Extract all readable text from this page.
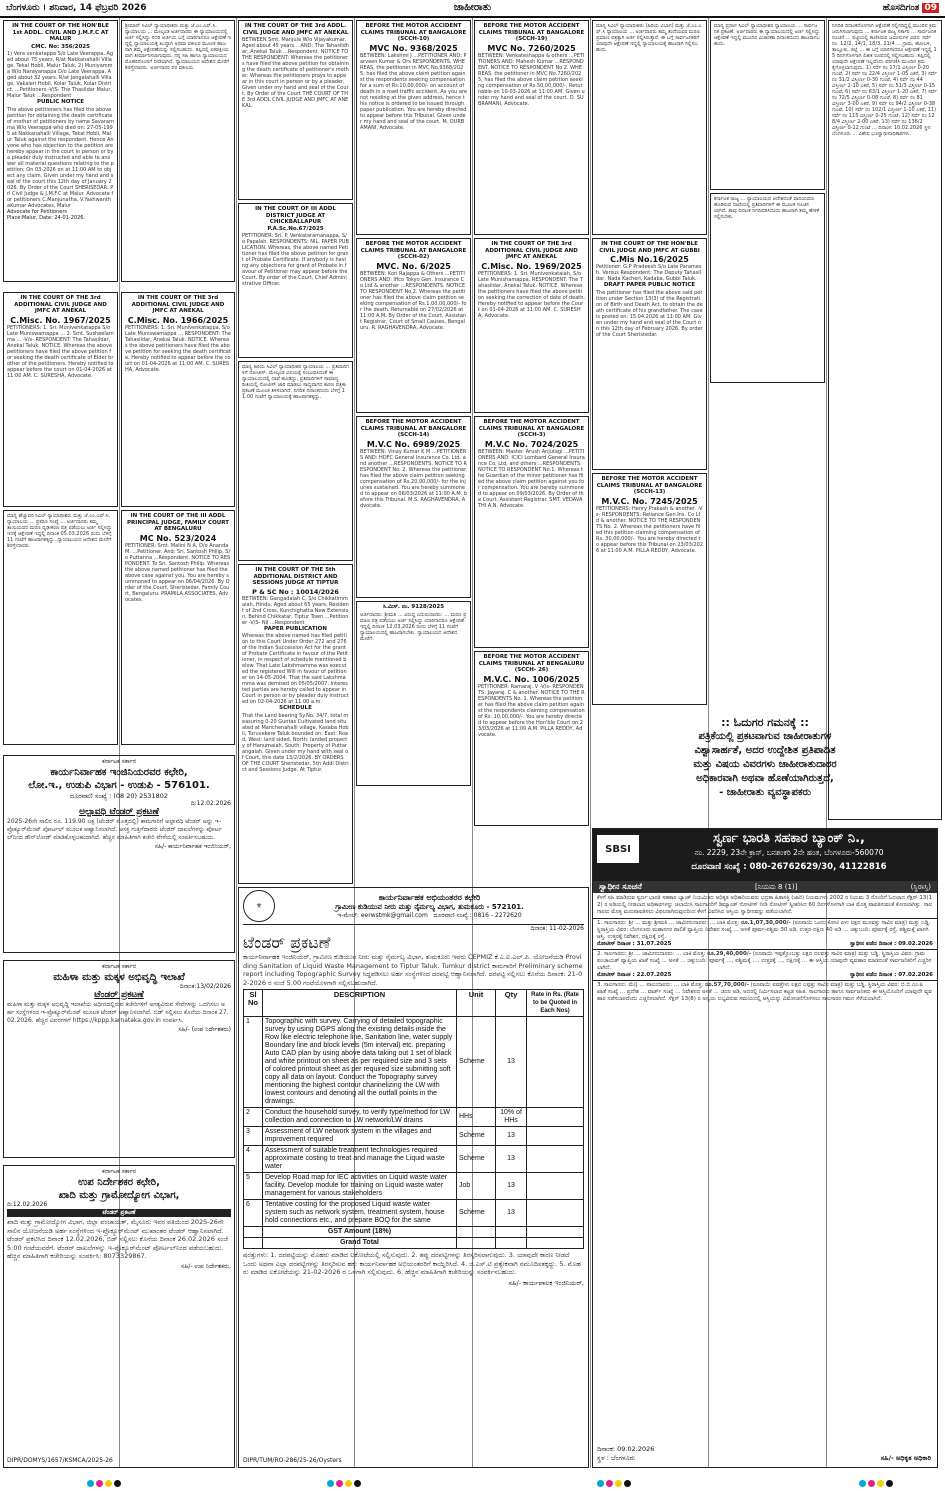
ಬೆಂಗಳೂರು । ಶನಿವಾರ, 14 ಫೆಬ್ರವರಿ 2026	ಜಾಹೀರಾತು	ಹೊಸದಿಗಂತ 09
IN THE COURT OF THE HON'BLE 1st ADDL. CIVIL AND J.M.F.C AT MALUR
CMC. No: 356/2025
1) Vera venkatappa S/o Late Veerappa, Aged about 75 years, R/at Nakkanahalli Village, Tekal Hobli, Malur Taluk, 2) Muniyamma W/o Narayanappa D/o Late Veerappa, Aged about 32 years. R/at Jangalahalli Village, Vakaleri Hobli, Kolar Taluk, Kolar District. ...Petitioners -V/S- The Thasildar Malur, Malur Taluk ...Respondent
PUBLIC NOTICE
The above petitioners has filed the above petition for obtaining the death certificate of mother of petitioners by name Savaramma W/o Veerappa who died on: 27-05-1995 at Nakkanahalli Village, Tekal Hobli, Malur Taluk against the respondent. Hence Anyone who has objection to the petition are hereby appear in the court in person or by a pleader duly instructed and able to answer all material questions relating to the petition: On 03-2026 on at 11:00 AM to object any claim. Given under my hand and seal of the court this 12th day of January 2026. By Order of the Court SHERISEDAR, Prl Civil Judge & J.M.F.C at Malur. Advocate for petitioners C.Manjunatha, V.YashwanthaKumar Advocates, Malur
Advocate for Petitioners
Place:Malur, Date: 24-01-2026.
ಶ್ರೀಮಾನ್ ಸಿವಿಲ್ ನ್ಯಾಯಾಧೀಶರು ಮತ್ತು ಜೆ.ಎಂ.ಎಫ್.ಸಿ. ನ್ಯಾಯಾಲಯ ... ಮೇಲ್ಕಂಡ ಅರ್ಜಿದಾರರು ಈ ನ್ಯಾಯಾಲಯದಲ್ಲಿ ಅರ್ಜಿ ಸಲ್ಲಿಸಿದ್ದು ಸದರಿ ಅರ್ಜಿಯ ಬಗ್ಗೆ ಯಾರಿಗಾದರೂ ಆಕ್ಷೇಪಣೆ ಇದ್ದಲ್ಲಿ ನ್ಯಾಯಾಲಯಕ್ಕೆ ಖುದ್ದಾಗಿ ಅಥವಾ ವಕೀಲರ ಮೂಲಕ ಹಾಜರಾಗಿ ತಮ್ಮ ಆಕ್ಷೇಪಣೆಯನ್ನು ಸಲ್ಲಿಸಬಹುದು. ತಪ್ಪಿದಲ್ಲಿ ಏಕಪಕ್ಷೀಯವಾಗಿ ತೀರ್ಮಾನಿಸಲಾಗುವುದು. ನನ್ನ ಸಹಿ ಹಾಗೂ ನ್ಯಾಯಾಲಯದ ಮೊಹರಿನೊಂದಿಗೆ ನೀಡಲಾಗಿದೆ. ನ್ಯಾಯಾಲಯದ ಆದೇಶದ ಮೇರೆಗೆ ಶಿರಸ್ತೇದಾರರು. ಅರ್ಜಿದಾರರ ಪರ ವಕೀಲರು.
IN THE COURT OF THE 3rd ADDL. CIVIL JUDGE AND JMFC AT ANEKAL
BETWEEN Smt. Manjula W/o Vijayakumar, Aged about 45 years... AND: The Tahasildhar, Anekal Taluk ...Respondent. NOTICE TO THE RESPONDENT: Whereas the petitioners have filed the above petition for obtaining the death certificate of petitioner's mother. Whereas the petitioners prays to appear in this court in person or by a pleader. Given under my hand and seal of the Court. By Order of the Court THE COURT OF THE 3rd ADDL CIVIL JUDGE AND JMFC AT ANEKAL.
IN THE COURT OF III ADDL DISTRICT JUDGE AT CHICKBALLAPUR P.A.Sc.No.67/2025
PETITIONER: Sri. P. Venkataramanappa, S/o Papaiah. RESPONDENTS: NIL. PAPER PUBLICATION. Whereas, the above named Petitioner has filed the above petition for grant of Probate Certificate. If anybody is having any objections for grant of Probate in favour of Petitioner may appear before the Court. By order of the Court, Chief Administrative Officer.
ಮಾನ್ಯ ಹಿರಿಯ ಸಿವಿಲ್ ನ್ಯಾಯಾಧೀಶರ ನ್ಯಾಯಾಲಯ ... ಪ್ರತಿವಾದಿಗಳಿಗೆ ನೋಟೀಸ್. ಮೇಲ್ಕಂಡ ವಿಷಯಕ್ಕೆ ಸಂಬಂಧಿಸಿದಂತೆ ಈ ನ್ಯಾಯಾಲಯದಲ್ಲಿ ದಾವೆ ಹೂಡಿದ್ದು, ಪ್ರತಿವಾದಿಗಳಿಗೆ ಸಾಮಾನ್ಯ ರೀತಿಯಲ್ಲಿ ನೋಟೀಸ್ ಜಾರಿ ಮಾಡಲು ಸಾಧ್ಯವಾಗದ ಕಾರಣ ಪತ್ರಿಕಾ ಪ್ರಕಟಣೆ ಮೂಲಕ ತಿಳಿಸಲಾಗಿದೆ. ನಿಗದಿತ ದಿನಾಂಕದಂದು ಬೆಳಿಗ್ಗೆ 11:00 ಗಂಟೆಗೆ ನ್ಯಾಯಾಲಯಕ್ಕೆ ಹಾಜರಾಗತಕ್ಕದ್ದು.
BEFORE THE MOTOR ACCIDENT CLAIMS TRIBUNAL AT BANGALORE (SCCH-10)
MVC No. 9368/2025
BETWEEN: Lakshmi J ...PETITIONER AND: Parveen Kumar & Ors RESPONDENTS. WHEREAS, the petitioner in MVC No.9368/2025, has filed the above claim petition against the respondents seeking compensation for a sum of Rs.10,00,000/- on account of death in a road traffic accident. As you are not residing at the given address, hence this notice is ordered to be issued through paper publication. You are hereby directed to appear before this Tribunal. Given under my hand and seal of the court. M. DURBAMANI, Advocate.
BEFORE THE MOTOR ACCIDENT CLAIMS TRIBUNAL AT BANGALORE (SCCH-02)
MVC. No. 6/2025
BETWEEN: Kori Rajappa & Others ...PETITIONERS AND: Iffco Tokyo Gen. Insurance Co Ltd & another ...RESPONDENTS. NOTICE TO RESPONDENT No.2. Whereas the petitioner has filed the above claim petition seeking compensation of Rs.1,00,00,000/- for the death. Returnable on 27/02/2026 at 11:00 A.M. By Order of the Court, Assistant Registrar, Court of Small Causes, Bengaluru. R. RAGHAVENDRA, Advocate.
BEFORE THE MOTOR ACCIDENT CLAIMS TRIBUNAL AT BANGALORE (SCCH-14)
M.V.C No. 6989/2025
BETWEEN: Vinay Kumar K M ...PETITIONERS AND: HDFC General Insurance Co. Ltd. and another ...RESPONDENTS. NOTICE TO RESPONDENT No. 2. Whereas the petitioner has filed the above claim petition seeking compensation of Rs.20,00,000/- for the injuries sustained. You are hereby summoned to appear on 06/03/2026 at 11:00 A.M. before this Tribunal. M.S. RAGHAVENDRA, Advocate.
ಸಿ.ಮಿಸ್. ನಂ. 9128/2025
ಅರ್ಜಿದಾರರು: ಶ್ರೀಮತಿ ... ವಿರುದ್ಧ ಎದುರುದಾರರು: ... ಮರಣ ಪ್ರಮಾಣ ಪತ್ರ ಪಡೆಯಲು ಅರ್ಜಿ ಸಲ್ಲಿಸಿದ್ದು ಯಾರಿಗಾದರೂ ಆಕ್ಷೇಪಣೆ ಇದ್ದಲ್ಲಿ ದಿನಾಂಕ 12.03.2026 ರಂದು ಬೆಳಿಗ್ಗೆ 11 ಗಂಟೆಗೆ ನ್ಯಾಯಾಲಯದಲ್ಲಿ ಹಾಜರಾಗಬೇಕು. ನ್ಯಾಯಾಲಯದ ಆದೇಶದ ಮೇರೆಗೆ.
BEFORE THE MOTOR ACCIDENT CLAIMS TRIBUNAL AT BANGALORE (SCCH-19)
MVC No. 7260/2025
BETWEEN: Venkateshappa & others ...PETITIONERS AND: Mahesh Kumar ...RESPONDENT. NOTICE TO RESPONDENT No.2. WHEREAS, the petitioner in MVC No.7260/2025, has filed the above claim petition seeking compensation of Rs.50,00,000/-. Returnable on 10-03-2026 at 11:00 AM. Given under my hand and seal of the court. D. SUBRAMANI, Advocate.
IN THE COURT OF THE 3rd ADDITIONAL CIVIL JUDGE AND JMFC AT ANEKAL
C.Misc. No. 1969/2025
PETITIONERS: 1. Sri. Munivenkataiah, S/o Late Munishamappa. RESPONDENT: The Tahasildar, Anekal Taluk. NOTICE. Whereas the petitioners have filed the above petition seeking the correction of date of death. Hereby notified to appear before the Court on 01-04-2026 at 11:00 AM. C. SURESHA, Advocate.
BEFORE THE MOTOR ACCIDENT CLAIMS TRIBUNAL AT BANGALORE (SCCH-3)
M.V.C No. 7024/2025
BETWEEN: Master. Arush Anjutagi ...PETITIONERS AND: ICICI Lombard General Insurance Co. Ltd, and others ...RESPONDENTS. NOTICE TO RESPONDENT No.1. Whereas the Guardian of the minor petitioner has filed the above claim petition against you for compensation. You are hereby summoned to appear on 09/03/2026. By Order of the Court, Assistant Registrar. SMT. VEDAVATHI A.N, Advocate.
BEFORE THE MOTOR ACCIDENT CLAIMS TRIBUNAL AT BENGALURU (SCCH- 26)
M.V.C. No. 1006/2025
PETITIONER: Ramaraj. V -V/s- RESPONDENTS: Jayaraj. C & another. NOTICE TO THE RESPONDENTS No. 1. Whereas the petitioner has filed the above claim petition against the respondents claiming compensation of Rs. 10,00,000/-. You are hereby directed to appear before the Hon'ble Court on 23/03/2026 at 11:00 A.M. PILLA REDDY, Advocate.
ಮಾನ್ಯ ಸಿವಿಲ್ ನ್ಯಾಯಾಧೀಶರು (ಹಿರಿಯ ವಿಭಾಗ) ಮತ್ತು ಜೆ.ಎಂ.ಎಫ್.ಸಿ ನ್ಯಾಯಾಲಯ ... ಅರ್ಜಿದಾರರು ತಮ್ಮ ತಂದೆಯವರ ಮರಣ ಪ್ರಮಾಣ ಪತ್ರಕ್ಕಾಗಿ ಅರ್ಜಿ ಸಲ್ಲಿಸಿರುತ್ತಾರೆ. ಈ ಬಗ್ಗೆ ಸಾರ್ವಜನಿಕರಿಗೆ ಯಾವುದೇ ಆಕ್ಷೇಪಣೆ ಇದ್ದಲ್ಲಿ ನ್ಯಾಯಾಲಯಕ್ಕೆ ಹಾಜರಾಗಿ ಸಲ್ಲಿಸಬಹುದು.
IN THE COURT OF THE HON'BLE CIVIL JUDGE AND JMFC AT GUBBI
C.Mis No.16/2025
Petitioner: G.P Pradeesh S/o Late Paramesh. Versus Respondent: The Deputy Tahasildar, Nada Kacheri, Kadaba, Gubbi Taluk.
DRAFT PAPER PUBLIC NOTICE
The petitioner has filed the above said petition under Section 13(3) of the Registration of Birth and Death Act, to obtain the death certificate of his grandfather. The case is posted on: 15.04.2026 at 11:00 AM. Given under my hand and seal of the Court on this 12th day of February 2026. By order of the Court Sheristedar.
BEFORE THE MOTOR ACCIDENT CLAIMS TRIBUNAL AT BANGALORE (SCCH-13)
M.V.C. No. 7245/2025
PETITIONERS: Henry Prakash & another. -Vs- RESPONDENTS: Reliance Gen.Ins. Co Ltd & another. NOTICE TO THE RESPONDENTS No. 2. Whereas the petitioners have filed this petition claiming compensation of Rs. 30,00,000/-. You are hereby directed to appear before this Tribunal on 23/03/2026 at 11:00 A.M. PILLA REDDY, Advocate.
ಮಾನ್ಯ ಪ್ರಧಾನ ಸಿವಿಲ್ ನ್ಯಾಯಾಧೀಶರ ನ್ಯಾಯಾಲಯ ... ಸಾರ್ವಜನಿಕ ಪ್ರಕಟಣೆ. ಅರ್ಜಿದಾರರು ಈ ನ್ಯಾಯಾಲಯದಲ್ಲಿ ಅರ್ಜಿ ಸಲ್ಲಿಸಿದ್ದು ಆಕ್ಷೇಪಣೆ ಇದ್ದಲ್ಲಿ ಮುಂದಿನ ವಿಚಾರಣಾ ದಿನಾಂಕದಂದು ಹಾಜರಾಗಬಹುದು.
ಕರ್ನಾಟಕ ರಾಜ್ಯ ... ನ್ಯಾಯಾಲಯದ ಆದೇಶದಂತೆ ವಾದಿಯವರು ಹೂಡಿರುವ ದಾವೆಯಲ್ಲಿ ಪ್ರತಿವಾದಿಗಳಿಗೆ ಈ ಮೂಲಕ ಸೂಚಿಸಲಾಗಿದೆ. ತಾವು ದಿನಾಂಕ ನಿಗದಿಪಡಿಸಿದಂದು ಹಾಜರಾಗಿ ತಮ್ಮ ಹೇಳಿಕೆ ಸಲ್ಲಿಸಬೇಕು.
ನಿಗದಿತ ದಿನಾಂಕದೊಳಗಾಗಿ ಆಕ್ಷೇಪಣೆ ಸಲ್ಲಿಸದಿದ್ದಲ್ಲಿ ಮುಂದಿನ ಕ್ರಮ ಜರುಗಿಸಲಾಗುವುದು ... ಕರ್ನಾಟಕ ರಾಜ್ಯ ಸರ್ಕಾರ ... ಸಾರ್ವಜನಿಕ ಸೂಚನೆ ... ಪಟ್ಟಿಯಲ್ಲಿ ಕಾಣಿಸಿರುವ ಜಮೀನುಗಳ ವಿವರ: ಸರ್ವೆ ನಂ. 12/2, 14/1, 18/3, 21/4 ... ಗ್ರಾಮ, ಹೋಬಳಿ, ತಾಲ್ಲೂಕು, ಜಿಲ್ಲೆ ... ಈ ಬಗ್ಗೆ ಯಾರಿಗಾದರೂ ಆಕ್ಷೇಪಣೆ ಇದ್ದಲ್ಲಿ 15 ದಿನಗಳೊಳಗಾಗಿ ಲಿಖಿತ ರೂಪದಲ್ಲಿ ಸಲ್ಲಿಸಬಹುದು. ತಪ್ಪಿದಲ್ಲಿ ಯಾವುದೇ ಆಕ್ಷೇಪಣೆ ಇಲ್ಲವೆಂದು ಪರಿಗಣಿಸಿ ಮುಂದಿನ ಕ್ರಮ ಕೈಗೊಳ್ಳಲಾಗುವುದು. 1) ಸರ್ವೆ ನಂ 17/1 ವಿಸ್ತೀರ್ಣ 0-20 ಗುಂಟೆ, 2) ಸರ್ವೆ ನಂ 22/4 ವಿಸ್ತೀರ್ಣ 1-05 ಎಕರೆ, 3) ಸರ್ವೆ ನಂ 31/2 ವಿಸ್ತೀರ್ಣ 0-30 ಗುಂಟೆ, 4) ಸರ್ವೆ ನಂ 44 ವಿಸ್ತೀರ್ಣ 2-10 ಎಕರೆ, 5) ಸರ್ವೆ ನಂ 51/3 ವಿಸ್ತೀರ್ಣ 0-15 ಗುಂಟೆ, 6) ಸರ್ವೆ ನಂ 63/1 ವಿಸ್ತೀರ್ಣ 1-20 ಎಕರೆ, 7) ಸರ್ವೆ ನಂ 72/5 ವಿಸ್ತೀರ್ಣ 0-08 ಗುಂಟೆ, 8) ಸರ್ವೆ ನಂ 81 ವಿಸ್ತೀರ್ಣ 3-00 ಎಕರೆ, 9) ಸರ್ವೆ ನಂ 94/2 ವಿಸ್ತೀರ್ಣ 0-38 ಗುಂಟೆ, 10) ಸರ್ವೆ ನಂ 102/1 ವಿಸ್ತೀರ್ಣ 1-10 ಎಕರೆ, 11) ಸರ್ವೆ ನಂ 115 ವಿಸ್ತೀರ್ಣ 0-25 ಗುಂಟೆ, 12) ಸರ್ವೆ ನಂ 128/4 ವಿಸ್ತೀರ್ಣ 2-00 ಎಕರೆ, 13) ಸರ್ವೆ ನಂ 136/2 ವಿಸ್ತೀರ್ಣ 0-12 ಗುಂಟೆ ... ದಿನಾಂಕ: 10.02.2026 ಸ್ಥಳ: ಬೆಂಗಳೂರು ... ವಿಶೇಷ ಭೂಸ್ವಾಧೀನಾಧಿಕಾರಿಗಳು.
IN THE COURT OF THE 3rd ADDITIONAL CIVIL JUDGE AND JMFC AT ANEKAL
C.Misc. No. 1967/2025
PETITIONERS: 1. Sri. Munivenkatappa S/o Late Muniswamappa ... 2. Smt. Susheelamma ... -V/s- RESPONDENT: The Tahasildar, Anekal Taluk. NOTICE. Whereas the above petitioners have filed the above petition for seeking the death certificate of Elder brother of the petitioners. Hereby notified to appear before the court on 01-04-2026 at 11:00 AM. C. SURESHA, Advocate.
IN THE COURT OF THE 3rd ADDITIONAL CIVIL JUDGE AND JMFC AT ANEKAL
C.Misc. No. 1966/2025
PETITIONERS: 1. Sri. Munivenkatappa, S/o Late Muniswamappa ... RESPONDENT: The Tahasildar, Anekal Taluk. NOTICE. Whereas the above petitioners have filed the above petition for seeking the death certificate. Hereby notified to appear before the court on 01-04-2026 at 11:00 AM. C. SURESHA, Advocate.
ಮಾನ್ಯ ಹೆಚ್ಚುವರಿ ಸಿವಿಲ್ ನ್ಯಾಯಾಧೀಶರು ಮತ್ತು ಜೆ.ಎಂ.ಎಫ್.ಸಿ. ನ್ಯಾಯಾಲಯ ... ಪ್ರಕರಣ ಸಂಖ್ಯೆ ... ಅರ್ಜಿದಾರರು ತಮ್ಮ ತಾಯಿಯವರ ಮರಣ ದೃಢೀಕರಣ ಪತ್ರ ಪಡೆಯಲು ಅರ್ಜಿ ಸಲ್ಲಿಸಿದ್ದು ಇದಕ್ಕೆ ಆಕ್ಷೇಪಣೆ ಇದ್ದಲ್ಲಿ ದಿನಾಂಕ 05.03.2026 ರಂದು ಬೆಳಿಗ್ಗೆ 11 ಗಂಟೆಗೆ ಹಾಜರಾಗತಕ್ಕದ್ದು. ನ್ಯಾಯಾಲಯದ ಆದೇಶದ ಮೇರೆಗೆ ಶಿರಸ್ತೇದಾರರು.
IN THE COURT OF THE III ADDL PRINCIPAL JUDGE, FAMILY COURT AT BENGALURU
MC No. 523/2024
PETITIONER: Smt. Malini N A, D/o Ananda M. ...Petitioner. And: Sri. Santosh Philip, S/o Puttanna ...Respondent. NOTICE TO RESPONDENT. To Sri. Santosh Philip. Whereas the above named petitioner has filed the above case against you. You are hereby summoned to appear on 06/04/2026. By Order of the Court, Sheristedar, Family Court, Bengaluru. PRAMILA ASSOCIATES, Advocates.
IN THE COURT OF THE 5th ADDITIONAL DISTRICT AND SESSIONS JUDGE AT TIPTUR
P & SC No : 10014/2026
BETWEEN: Gangadaiah C, S/o Chikkatimmaiah, Hindu, Aged about 65 years, Resident of 2nd Cross, Kunchighatta New Extension, Behind Chikkatar, Tiptur Town ...Petitioner -V/S- Nil ...Respondent
PAPER PUBLICATION
Whereas the above named has filed petition to this Court Under Order 272 and 276 of the Indian Succession Act for the grant of Probate Certificate in favour of the Petitioner, in respect of schedule mentioned below. That Late Lakshmamma was executed the registered Will in favour of petitioner on 14-05-2004. That the said Lakshmamma was demised on 05/05/2007. Interested parties are hereby called to appear in Court in person or by pleader duly instructed on 02-04-2026 at 11.00 a.m.
SCHEDULE
That the Land bearing Sy.No. 34/7, total measuring 0-20 Guntas Cultivated land situated at Manchenahalli village, Kasaba Hobli, Turuvekere Taluk bounded on: East: Road, West: land sided, North: landed property of Hanumaiah, South: Property of Puttarangaiah. Given under my hand with seal of Court, this date 13/2/2026. BY ORDERS OF THE COURT Sheristedar, 5th Addl District and Sessions Judge, At Tiptur.
ಕರ್ನಾಟಕ ಸರ್ಕಾರ
ಕಾರ್ಯನಿರ್ವಾಹಕ ಇಂಜಿನಿಯರವರ ಕಛೇರಿ,
ಲೋ.ಇ., ಉಡುಪಿ ವಿಭಾಗ - ಉಡುಪಿ - 576101.
ದೂರವಾಣಿ ಸಂಖ್ಯೆ : (08 20) 2531802
ದಿ:12.02.2026
ಅಲ್ಪಾವಧಿ ಟೆಂಡರ್ ಪ್ರಕಟಣೆ
2025-26ನೇ ಸಾಲಿನ ರೂ. 119.90 ಲಕ್ಷ (ಟೆಂಡರ್ ಮೊತ್ತದಲ್ಲಿ) ಕಾಮಗಾರಿಗೆ ಅಲ್ಪಾವಧಿ ಟೆಂಡರ್ ಅನ್ನು ಇ-ಪ್ರೊಕ್ಯೂರ್‌ಮೆಂಟ್ ಪೋರ್ಟಲ್ ಮೂಲಕ ಆಹ್ವಾನಿಸಲಾಗಿದೆ. ಆಸಕ್ತ ಗುತ್ತಿಗೆದಾರರು ಟೆಂಡರ್ ದಾಖಲೆಗಳನ್ನು ಪೋರ್ಟಲ್‌ನಿಂದ ಡೌನ್‌ಲೋಡ್ ಮಾಡಿಕೊಳ್ಳಬಹುದಾಗಿದೆ. ಹೆಚ್ಚಿನ ಮಾಹಿತಿಗಾಗಿ ಕಚೇರಿ ವೇಳೆಯಲ್ಲಿ ಸಂಪರ್ಕಿಸಬಹುದು.
ಸಹಿ/- ಕಾರ್ಯನಿರ್ವಾಹಕ ಇಂಜಿನಿಯರ್,
ಕರ್ನಾಟಕ ಸರ್ಕಾರ
ಮಹಿಳಾ ಮತ್ತು ಮಕ್ಕಳ ಅಭಿವೃದ್ಧಿ ಇಲಾಖೆ
ದಿನಾಂಕ:13/02/2026
ಟೆಂಡರ್ ಪ್ರಕಟಣೆ
ಮಹಿಳಾ ಮತ್ತು ಮಕ್ಕಳ ಅಭಿವೃದ್ಧಿ ಇಲಾಖೆಯ ಅಧೀನದಲ್ಲಿರುವ ಕಚೇರಿಗಳಿಗೆ ಅಗತ್ಯವಿರುವ ಸೇವೆಗಳನ್ನು ಒದಗಿಸಲು ಅರ್ಹ ಸಂಸ್ಥೆಗಳಿಂದ ಇ-ಪ್ರೊಕ್ಯೂರ್‌ಮೆಂಟ್ ಮೂಲಕ ಟೆಂಡರ್ ಆಹ್ವಾನಿಸಲಾಗಿದೆ. ಬಿಡ್ ಸಲ್ಲಿಸಲು ಕೊನೆಯ ದಿನಾಂಕ 27.02.2026. ಹೆಚ್ಚಿನ ವಿವರಗಳಿಗೆ https://kppp.karnataka.gov.in ಸಂಪರ್ಕಿಸಿ.
ಸಹಿ/- (ಉಪ ನಿರ್ದೇಶಕರು)
ಕರ್ನಾಟಕ ಸರ್ಕಾರ
ಉಪ ನಿರ್ದೇಶಕರ ಕಛೇರಿ,
ಖಾದಿ ಮತ್ತು ಗ್ರಾಮೋದ್ಯೋಗ ವಿಭಾಗ,
ದಿ:12.02.2026
ಟೆಂಡರ್ ಪ್ರಕಟಣೆ
ಖಾದಿ ಮತ್ತು ಗ್ರಾಮೋದ್ಯೋಗ ವಿಭಾಗ, ಜಿಲ್ಲಾ ಪಂಚಾಯತ್, ಮೈಸೂರು ಇವರ ವತಿಯಿಂದ 2025-26ನೇ ಸಾಲಿನ ಯೋಜನೆಯಡಿ ಅರ್ಹ ಸಂಸ್ಥೆಗಳಿಂದ ಇ-ಪ್ರೊಕ್ಯೂರ್‌ಮೆಂಟ್ ಮುಖಾಂತರ ಟೆಂಡರ್ ಆಹ್ವಾನಿಸಲಾಗಿದೆ. ಟೆಂಡರ್ ಪ್ರಕಟಿಸಿದ ದಿನಾಂಕ 12.02.2026, ಬಿಡ್ ಸಲ್ಲಿಸಲು ಕೊನೆಯ ದಿನಾಂಕ 26.02.2026 ಸಂಜೆ 5:00 ಗಂಟೆಯವರೆಗೆ. ಟೆಂಡರ್ ದಾಖಲೆಗಳನ್ನು ಇ-ಪ್ರೊಕ್ಯೂರ್‌ಮೆಂಟ್ ಪೋರ್ಟಲ್‌ನಿಂದ ಪಡೆಯಬಹುದು. ಹೆಚ್ಚಿನ ಮಾಹಿತಿಗಾಗಿ ಕಚೇರಿಯನ್ನು ಸಂಪರ್ಕಿಸಿ: 8073329867.
ಸಹಿ/- ಉಪ ನಿರ್ದೇಶಕರು,
DIPR/DOMYS/1657/KSMCA/2025-26
⚜
ಕಾರ್ಯನಿರ್ವಾಹಕ ಅಭಿಯಂತರರ ಕಛೇರಿ
ಗ್ರಾಮೀಣ ಕುಡಿಯುವ ನೀರು ಮತ್ತು ನೈರ್ಮಲ್ಯ ವಿಭಾಗ, ತುಮಕೂರು - 572101.
ಇ-ಮೇಲ್: eerwstmk@gmail.com ದೂರವಾಣಿ ಸಂಖ್ಯೆ : 0816 - 2272620
ದಿನಾಂಕ: 11-02-2026
ಟೆಂಡರ್ ಪ್ರಕಟಣೆ
ಕಾರ್ಯನಿರ್ವಾಹಕ ಇಂಜಿನಿಯರ್, ಗ್ರಾಮೀಣ ಕುಡಿಯುವ ನೀರು ಮತ್ತು ನೈರ್ಮಲ್ಯ ವಿಭಾಗ, ತುಮಕೂರು ಇವರು CEPMIZ ಕೆ.ಎ.ಐ.ಎಲ್.ಪಿ. ಯೋಜನೆಯಡಿ Providing Sanitation of Liquid Waste Management to Tiptur Taluk. Tumkur district ಕಾಮಗಾರಿಗೆ Preliminary scheme report including Topographic Survey ಸಿದ್ಧಪಡಿಸಲು ಅರ್ಹ ಸಂಸ್ಥೆಗಳಿಂದ ದರಪಟ್ಟಿ ಆಹ್ವಾನಿಸಲಾಗಿದೆ. ದರಪಟ್ಟಿ ಸಲ್ಲಿಸಲು ಕೊನೆಯ ದಿನಾಂಕ: 21-02-2026 ರ ಸಂಜೆ 5.00 ಗಂಟೆಯೊಳಗಾಗಿ ಸಲ್ಲಿಸಬಹುದಾಗಿದೆ.
Sl No	DESCRIPTION	Unit	Qty	Rate in Rs. (Rate to be Quoted in Each Nos)
1	Topographic with survey. Carrying of detailed topographic survey by using DGPS along the existing details inside the Row like electric telephone line, Sanitation line, water supply Boundary line and block levels (5m interval) etc. preparing Auto CAD plan by using above data taking out 1 set of black and white printout on sheet as per required size and 3 sets of colored printout sheet as per required size submitting soft copy all data on layout. Conduct the Topography survey mentioning the highest contour channelizing the LW with lowest contours and denoting all the outfall points in the drawings.	Scheme	13	
2	Conduct the household survey, to verify type/method for LW collection and connection to LW network/LW drains	HHs	10% of HHs	
3	Assessment of LW network system in the villages and improvement required	Scheme	13	
4	Assessment of suitable treatment technologies required approximate costing to treat and manage the Liquid waste water	Scheme	13	
5	Develop Road map for IEC activities on Liquid waste water facility. Develop module for training on Liquid waste water management for various stakeholders	Job	13	
6	Tentative costing for the proposed Liquid waste water system such as network system, treatment system, house hold connections etc., and prepare BOQ for the same	Scheme	13	
	GST Amount (18%)			
	Grand Total			
ಷರತ್ತುಗಳು: 1. ದರಪಟ್ಟಿಯನ್ನು ಮೊಹರು ಮಾಡಿದ ಲಕೋಟೆಯಲ್ಲಿ ಸಲ್ಲಿಸುವುದು. 2. ತಪ್ಪು ದರಪಟ್ಟಿಗಳನ್ನು ತಿರಸ್ಕರಿಸಲಾಗುವುದು. 3. ಯಾವುದೇ ಕಾರಣ ನೀಡದೆ ಒಂದು ಅಥವಾ ಎಲ್ಲಾ ದರಪಟ್ಟಿಗಳನ್ನು ತಿರಸ್ಕರಿಸುವ ಹಕ್ಕು ಕಾರ್ಯನಿರ್ವಾಹಕ ಅಭಿಯಂತರರಿಗೆ ಕಾಯ್ದಿರಿಸಿದೆ. 4. ಜಿ.ಎಸ್.ಟಿ ಪ್ರತ್ಯೇಕವಾಗಿ ನಮೂದಿಸತಕ್ಕದ್ದು. 5. ಮೊಹರು ಮಾಡಿದ ಲಕೋಟೆಯನ್ನು 21-02-2026 ರ ಒಳಗಾಗಿ ಸಲ್ಲಿಸುವುದು. 6. ಹೆಚ್ಚಿನ ಮಾಹಿತಿಗಾಗಿ ಕಚೇರಿಯನ್ನು ಸಂಪರ್ಕಿಸಬಹುದು.
ಸಹಿ/- ಕಾರ್ಯಪಾಲಕ ಇಂಜಿನಿಯರ್,
DIPR/TUM/RO-286/25-26/Oysters
:: ಓದುಗರ ಗಮನಕ್ಕೆ ::
ಪತ್ರಿಕೆಯಲ್ಲಿ ಪ್ರಕಟವಾಗುವ ಜಾಹೀರಾತುಗಳ
ವಿಶ್ವಾಸಾರ್ಹತೆ, ಅದರ ಉದ್ದೇಶಿತ ಪ್ರತಿಪಾದಿತ
ಮತ್ತು ವಿಷಯ ವಿವರಗಳು ಜಾಹೀರಾತುದಾರರ
ಅಧಿಕಾರವಾಗಿ ಅಥವಾ ಹೊಣೆಯಾಗಿರುತ್ತದೆ,
- ಜಾಹೀರಾತು ವ್ಯವಸ್ಥಾಪಕರು
SBSI
ಸ್ವರ್ಣ ಭಾರತಿ ಸಹಕಾರ ಬ್ಯಾಂಕ್ ನಿ.,
ನಂ. 2229, 23ನೇ ಕ್ರಾಸ್, ಬನಶಂಕರಿ 2ನೇ ಹಂತ, ಬೆಂಗಳೂರು-560070
ದೂರವಾಣಿ ಸಂಖ್ಯೆ : 080-26762629/30, 41122816
ಸ್ವಾಧೀನ ಸೂಚನೆ	[ನಿಯಮ 8 (1)]	(ಸ್ಥಿರಾಸ್ತಿ)
ಕೆಳಗೆ ಸಹಿ ಮಾಡಿರುವ ಸ್ವರ್ಣ ಭಾರತಿ ಸಹಕಾರ ಬ್ಯಾಂಕ್ ನಿಯಮಿತದ ಅಧಿಕೃತ ಅಧಿಕಾರಿಯವರು ಭದ್ರತಾ ಹಿತಾಸಕ್ತಿ (ಜಾರಿ) ನಿಯಮಗಳು 2002 ರ ನಿಯಮ 3 ರೊಂದಿಗೆ ಓದಲಾದ ಸೆಕ್ಷನ್ 13(12) ರ ಅಡಿಯಲ್ಲಿ ನೀಡಲಾದ ಅಧಿಕಾರಗಳನ್ನು ಚಲಾಯಿಸಿ ಸಾಲಗಾರರಿಗೆ ಡಿಮ್ಯಾಂಡ್ ನೋಟೀಸ್ ನೀಡಿ ನೋಟೀಸ್ ಸ್ವೀಕರಿಸಿದ 60 ದಿನಗಳೊಳಗಾಗಿ ಬಾಕಿ ಮೊತ್ತ ಪಾವತಿಸುವಂತೆ ಕೋರಲಾಗಿತ್ತು. ಸಾಲಗಾರರು ಮೊತ್ತ ಮರುಪಾವತಿಸಲು ವಿಫಲರಾಗಿರುವುದರಿಂದ ಕೆಳಗೆ ವಿವರಿಸಿದ ಆಸ್ತಿಯ ಸ್ವಾಧೀನವನ್ನು ಪಡೆಯಲಾಗಿದೆ.
1. ಸಾಲಗಾರರು: ಶ್ರೀ ... ಮತ್ತು ಶ್ರೀಮತಿ ... ಜಾಮೀನುದಾರರು: ... ಬಾಕಿ ಮೊತ್ತ: ರೂ.1,07,30,000/- (ರೂಪಾಯಿ ಒಂದು ಕೋಟಿ ಏಳು ಲಕ್ಷದ ಮೂವತ್ತು ಸಾವಿರ ಮಾತ್ರ) ಮತ್ತು ಬಡ್ಡಿ. ಸ್ಥಿರಾಸ್ತಿಯ ವಿವರ: ಬೆಂಗಳೂರು ಮಹಾನಗರ ಪಾಲಿಕೆ ವ್ಯಾಪ್ತಿಯ ನಿವೇಶನ ಸಂಖ್ಯೆ ... ಅಳತೆ ಪೂರ್ವ-ಪಶ್ಚಿಮ 30 ಅಡಿ, ಉತ್ತರ-ದಕ್ಷಿಣ 40 ಅಡಿ ... ಚಕ್ಕುಬಂದಿ: ಪೂರ್ವಕ್ಕೆ ರಸ್ತೆ, ಪಶ್ಚಿಮಕ್ಕೆ ಖಾಸಗಿ ಆಸ್ತಿ, ಉತ್ತರಕ್ಕೆ ನಿವೇಶನ, ದಕ್ಷಿಣಕ್ಕೆ ರಸ್ತೆ.
ನೋಟೀಸ್ ದಿನಾಂಕ : 31.07.2025	ಸ್ವಾಧೀನ ಪಡೆದ ದಿನಾಂಕ : 09.02.2026
2. ಸಾಲಗಾರರು: ಶ್ರೀ ... ಜಾಮೀನುದಾರರು: ... ಬಾಕಿ ಮೊತ್ತ: ರೂ.29,40,000/- (ರೂಪಾಯಿ ಇಪ್ಪತ್ತೊಂಬತ್ತು ಲಕ್ಷದ ನಲವತ್ತು ಸಾವಿರ ಮಾತ್ರ) ಮತ್ತು ಬಡ್ಡಿ. ಸ್ಥಿರಾಸ್ತಿಯ ವಿವರ: ಗ್ರಾಮ ಪಂಚಾಯತ್ ವ್ಯಾಪ್ತಿಯ ಖಾತೆ ಸಂಖ್ಯೆ ... ಅಳತೆ ... ಚಕ್ಕುಬಂದಿ: ಪೂರ್ವಕ್ಕೆ ..., ಪಶ್ಚಿಮಕ್ಕೆ ..., ಉತ್ತರಕ್ಕೆ ..., ದಕ್ಷಿಣಕ್ಕೆ ... ಈ ಆಸ್ತಿಯ ಯಾವುದೇ ವ್ಯವಹಾರ ಮಾಡದಂತೆ ಸಾರ್ವಜನಿಕರಿಗೆ ಎಚ್ಚರಿಸಲಾಗಿದೆ.
ನೋಟೀಸ್ ದಿನಾಂಕ : 22.07.2025	ಸ್ವಾಧೀನ ಪಡೆದ ದಿನಾಂಕ : 07.02.2026
3. ಸಾಲಗಾರರು: ಮೆ|| ... ಪಾಲುದಾರರು: ... ಬಾಕಿ ಮೊತ್ತ: ರೂ.57,70,000/- (ರೂಪಾಯಿ ಐವತ್ತೇಳು ಲಕ್ಷದ ಎಪ್ಪತ್ತು ಸಾವಿರ ಮಾತ್ರ) ಮತ್ತು ಬಡ್ಡಿ. ಸ್ಥಿರಾಸ್ತಿಯ ವಿವರ: ಬಿ.ಬಿ.ಎಂ.ಪಿ ಖಾತೆ ಸಂಖ್ಯೆ ... ಪ್ರದೇಶ ... ವಾರ್ಡ್ ಸಂಖ್ಯೆ ... ನಿವೇಶನದ ಅಳತೆ ... ಚದರ ಅಡಿ, ಅದರಲ್ಲಿ ನಿರ್ಮಿಸಲಾದ ಕಟ್ಟಡ ಸಹಿತ. ಸಾಲಗಾರರು ಹಾಗೂ ಸಾರ್ವಜನಿಕರು ಈ ಆಸ್ತಿಯೊಂದಿಗೆ ಯಾವುದೇ ವ್ಯವಹಾರ ನಡೆಸಬಾರದೆಂದು ಎಚ್ಚರಿಸಲಾಗಿದೆ. ಸೆಕ್ಷನ್ 13(8) ರ ಅನ್ವಯ ಲಭ್ಯವಿರುವ ಸಮಯದಲ್ಲಿ ಆಸ್ತಿಯನ್ನು ವಿಮೋಚನೆಗೊಳಿಸಲು ಸಾಲಗಾರರ ಗಮನ ಸೆಳೆಯಲಾಗಿದೆ.
ದಿನಾಂಕ: 09.02.2026
ಸ್ಥಳ : ಬೆಂಗಳೂರು	ಸಹಿ/- ಅಧಿಕೃತ ಅಧಿಕಾರಿ
